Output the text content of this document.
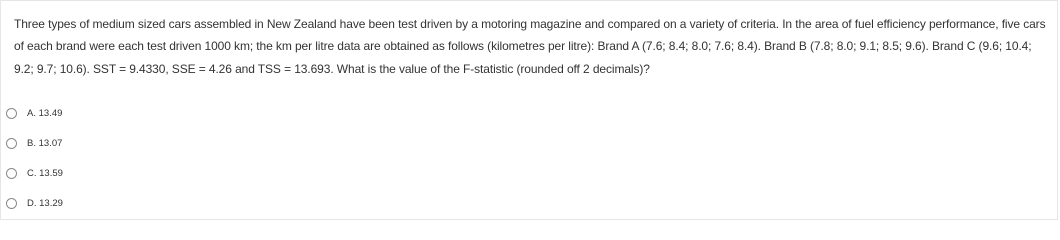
Three types of medium sized cars assembled in New Zealand have been test driven by a motoring magazine and compared on a variety of criteria. In the area of fuel efficiency performance, five cars of each brand were each test driven 1000 km; the km per litre data are obtained as follows (kilometres per litre): Brand A (7.6; 8.4; 8.0; 7.6; 8.4). Brand B (7.8; 8.0; 9.1; 8.5; 9.6). Brand C (9.6; 10.4; 9.2; 9.7; 10.6). SST = 9.4330, SSE = 4.26 and TSS = 13.693. What is the value of the F-statistic (rounded off 2 decimals)?

A. 13.49
B. 13.07
C. 13.59
D. 13.29
